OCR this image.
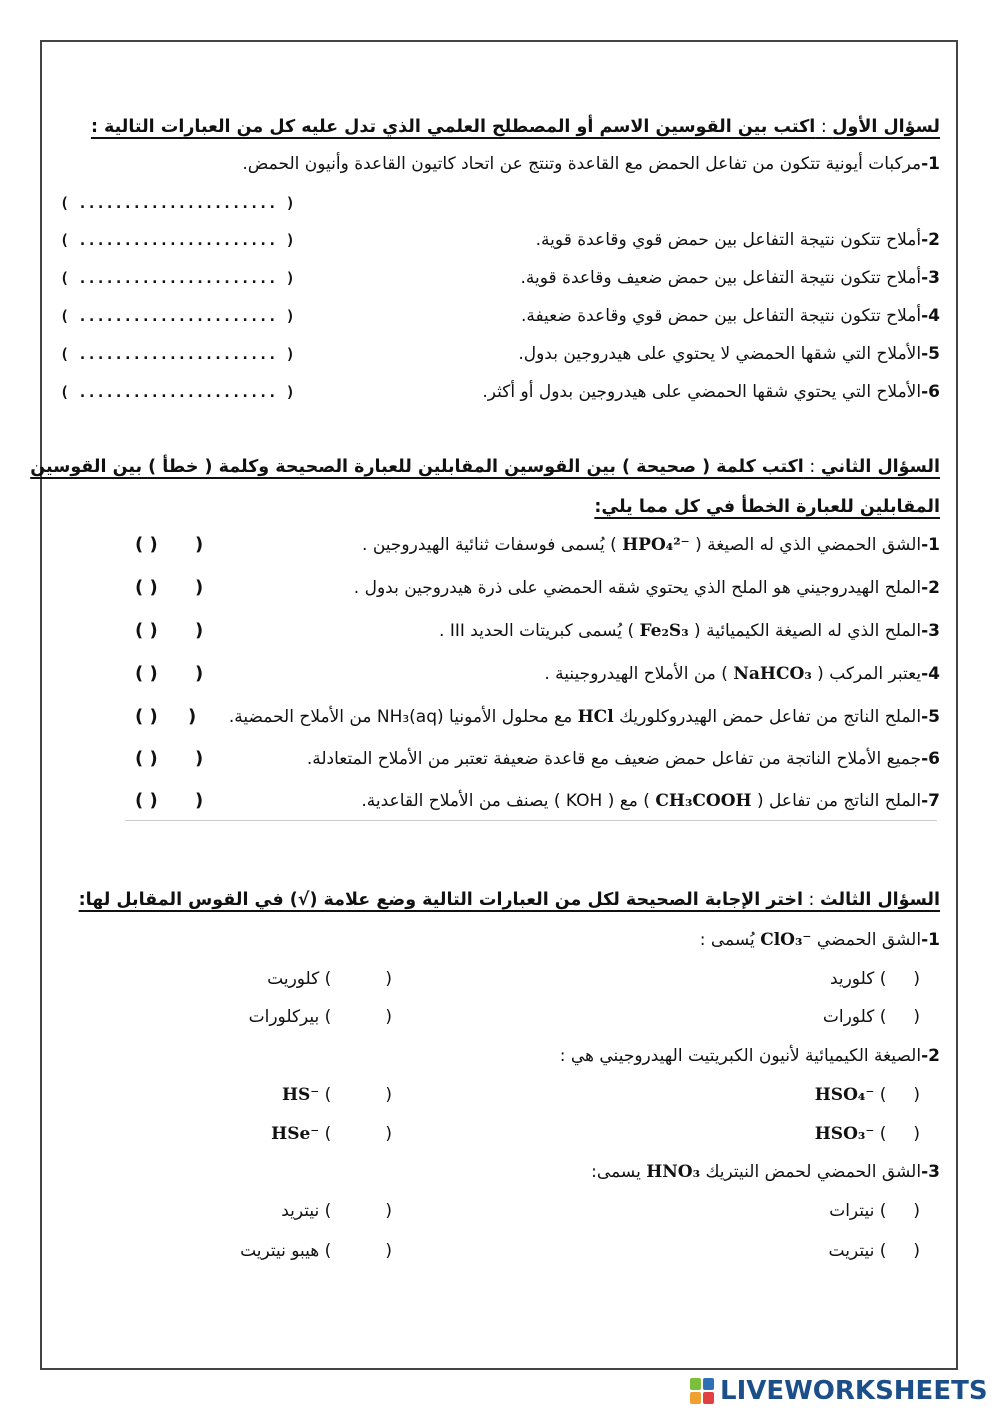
لسؤال الأول : اكتب بين القوسين الاسم أو المصطلح العلمي الذي تدل عليه كل من العبارات التالية :
1-مركبات أيونية تتكون من تفاعل الحمض مع القاعدة وتنتج عن اتحاد كاتيون القاعدة وأنيون الحمض.
( ...................... )
2-أملاح تتكون نتيجة التفاعل بين حمض قوي وقاعدة قوية.
( ...................... )
3-أملاح تتكون نتيجة التفاعل بين حمض ضعيف وقاعدة قوية.
( ...................... )
4-أملاح تتكون نتيجة التفاعل بين حمض قوي وقاعدة ضعيفة.
( ...................... )
5-الأملاح التي شقها الحمضي لا يحتوي على هيدروجين بدول.
( ...................... )
6-الأملاح التي يحتوي شقها الحمضي على هيدروجين بدول أو أكثر.
( ...................... )
السؤال الثاني : اكتب كلمة ( صحيحة ) بين القوسين المقابلين للعبارة الصحيحة وكلمة ( خطأ ) بين القوسين
المقابلين للعبارة الخطأ في كل مما يلي:
1-الشق الحمضي الذي له الصيغة ( HPO₄²⁻ ) يُسمى فوسفات ثنائية الهيدروجين .
(
( )
2-الملح الهيدروجيني هو الملح الذي يحتوي شقه الحمضي على ذرة هيدروجين بدول .
(
( )
3-الملح الذي له الصيغة الكيميائية ( Fe₂S₃ ) يُسمى كبريتات الحديد III .
(
( )
4-يعتبر المركب ( NaHCO₃ ) من الأملاح الهيدروجينية .
(
( )
5-الملح الناتج من تفاعل حمض الهيدروكلوريك HCl مع محلول الأمونيا NH₃(aq) من الأملاح الحمضية.
(
( )
6-جميع الأملاح الناتجة من تفاعل حمض ضعيف مع قاعدة ضعيفة تعتبر من الأملاح المتعادلة.
(
( )
7-الملح الناتج من تفاعل ( CH₃COOH ) مع ( KOH ) يصنف من الأملاح القاعدية.
(
( )
السؤال الثالث : اختر الإجابة الصحيحة لكل من العبارات التالية وضع علامة (√) في القوس المقابل لها:
1-الشق الحمضي ClO₃⁻ يُسمى :
(     ) كلوريد
(          ) كلوريت
(     ) كلورات
(          ) بيركلورات
2-الصيغة الكيميائية لأنيون الكبريتيت الهيدروجيني هي :
(     ) HSO₄⁻
(          ) HS⁻
(     ) HSO₃⁻
(          ) HSe⁻
3-الشق الحمضي لحمض النيتريك HNO₃ يسمى:
(     ) نيترات
(          ) نيتريد
(     ) نيتريت
(          ) هيبو نيتريت
LIVEWORKSHEETS
